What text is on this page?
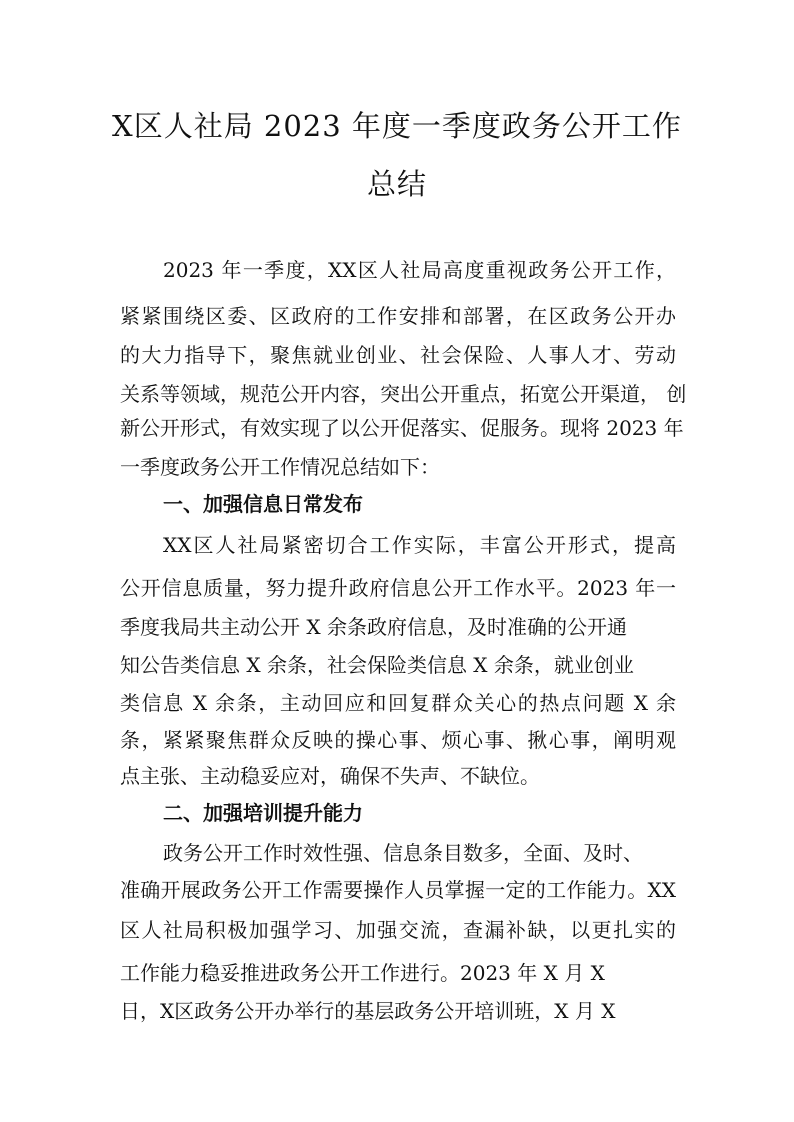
X区人社局 2023 年度一季度政务公开工作
总结
2023 年一季度，XX区人社局高度重视政务公开工作，
紧紧围绕区委、区政府的工作安排和部署，在区政务公开办
的大力指导下，聚焦就业创业、社会保险、人事人才、劳动
关系等领域，规范公开内容，突出公开重点，拓宽公开渠道， 创
新公开形式，有效实现了以公开促落实、促服务。现将 2023 年
一季度政务公开工作情况总结如下：
一、加强信息日常发布
XX区人社局紧密切合工作实际，丰富公开形式，提高
公开信息质量，努力提升政府信息公开工作水平。2023 年一
季度我局共主动公开 X 余条政府信息，及时准确的公开通
知公告类信息 X 余条，社会保险类信息 X 余条，就业创业
类信息 X 余条，主动回应和回复群众关心的热点问题 X 余
条，紧紧聚焦群众反映的操心事、烦心事、揪心事，阐明观
点主张、主动稳妥应对，确保不失声、不缺位。
二、加强培训提升能力
政务公开工作时效性强、信息条目数多，全面、及时、
准确开展政务公开工作需要操作人员掌握一定的工作能力。XX
区人社局积极加强学习、加强交流，查漏补缺，以更扎实的
工作能力稳妥推进政务公开工作进行。2023 年 X 月 X
日，X区政务公开办举行的基层政务公开培训班，X 月 X
